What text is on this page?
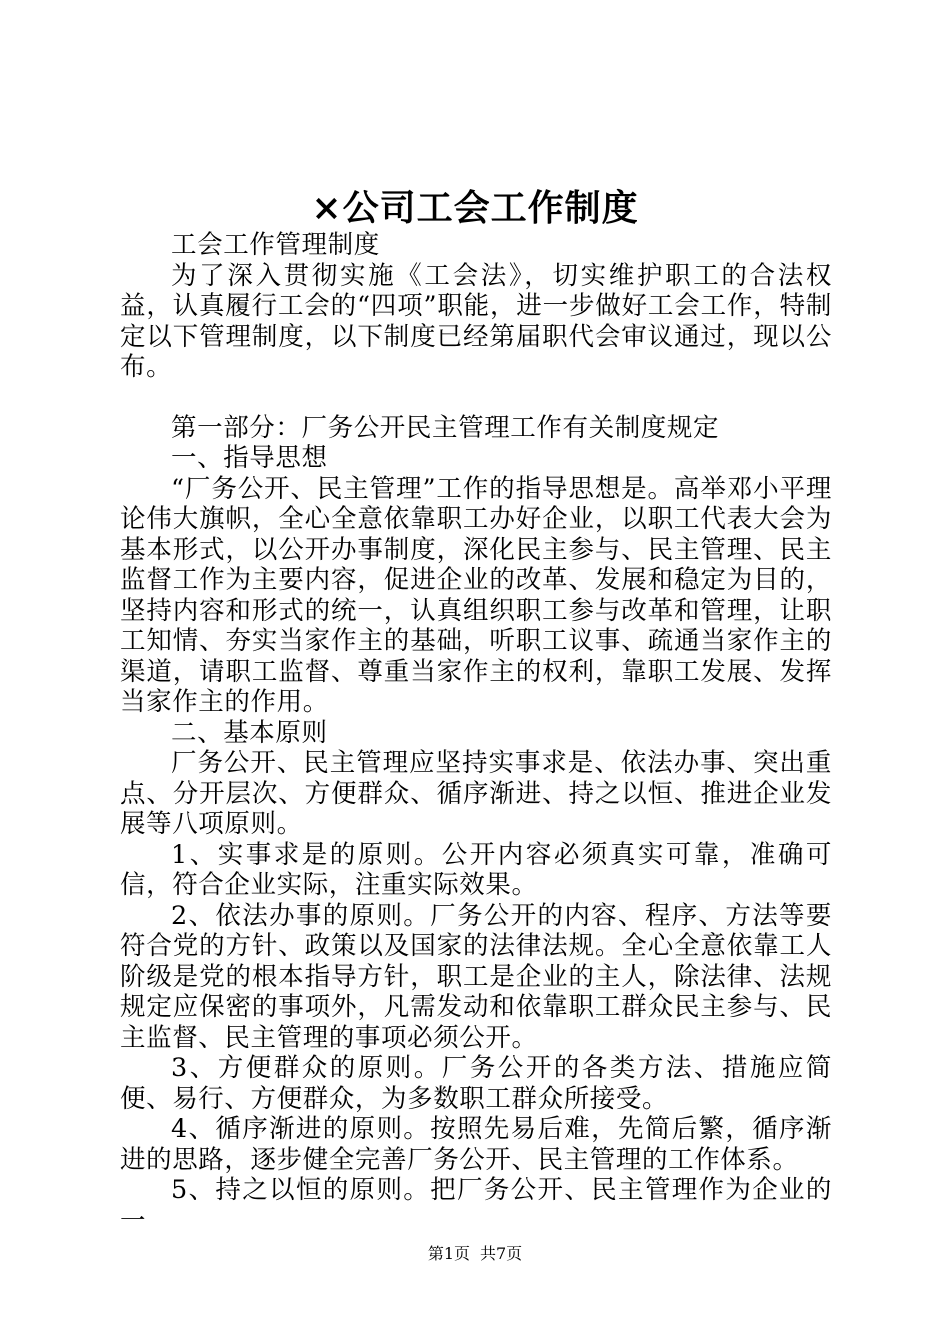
×公司工会工作制度

工会工作管理制度

为了深入贯彻实施《工会法》，切实维护职工的合法权益，认真履行工会的“四项”职能，进一步做好工会工作，特制定以下管理制度，以下制度已经第届职代会审议通过，现以公布。

第一部分：厂务公开民主管理工作有关制度规定

一、指导思想

“厂务公开、民主管理”工作的指导思想是。高举邓小平理论伟大旗帜，全心全意依靠职工办好企业，以职工代表大会为基本形式，以公开办事制度，深化民主参与、民主管理、民主监督工作为主要内容，促进企业的改革、发展和稳定为目的，坚持内容和形式的统一，认真组织职工参与改革和管理，让职工知情、夯实当家作主的基础，听职工议事、疏通当家作主的渠道，请职工监督、尊重当家作主的权利，靠职工发展、发挥当家作主的作用。

二、基本原则

厂务公开、民主管理应坚持实事求是、依法办事、突出重点、分开层次、方便群众、循序渐进、持之以恒、推进企业发展等八项原则。

1、实事求是的原则。公开内容必须真实可靠，准确可信，符合企业实际，注重实际效果。

2、依法办事的原则。厂务公开的内容、程序、方法等要符合党的方针、政策以及国家的法律法规。全心全意依靠工人阶级是党的根本指导方针，职工是企业的主人，除法律、法规规定应保密的事项外，凡需发动和依靠职工群众民主参与、民主监督、民主管理的事项必须公开。

3、方便群众的原则。厂务公开的各类方法、措施应简便、易行、方便群众，为多数职工群众所接受。

4、循序渐进的原则。按照先易后难，先简后繁，循序渐进的思路，逐步健全完善厂务公开、民主管理的工作体系。

5、持之以恒的原则。把厂务公开、民主管理作为企业的一

第1页 共7页
